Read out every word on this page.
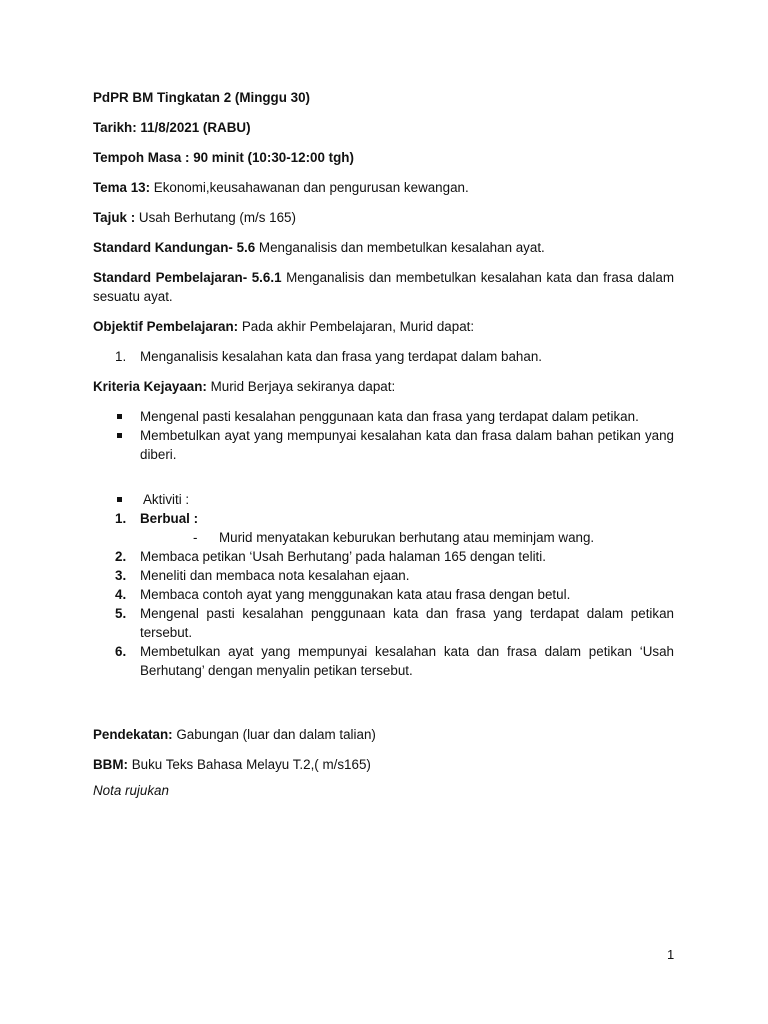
PdPR BM Tingkatan 2 (Minggu 30)

Tarikh: 11/8/2021 (RABU)

Tempoh Masa : 90 minit (10:30-12:00 tgh)

Tema 13: Ekonomi,keusahawanan dan pengurusan kewangan.

Tajuk : Usah Berhutang (m/s 165)

Standard Kandungan- 5.6 Menganalisis dan membetulkan kesalahan ayat.

Standard Pembelajaran- 5.6.1 Menganalisis dan membetulkan kesalahan kata dan frasa dalam sesuatu ayat.

Objektif Pembelajaran: Pada akhir Pembelajaran, Murid dapat:

1. Menganalisis kesalahan kata dan frasa yang terdapat dalam bahan.

Kriteria Kejayaan: Murid Berjaya sekiranya dapat:

Mengenal pasti kesalahan penggunaan kata dan frasa yang terdapat dalam petikan.
Membetulkan ayat yang mempunyai kesalahan kata dan frasa dalam bahan petikan yang diberi.
Aktiviti :
1. Berbual :
- Murid menyatakan keburukan berhutang atau meminjam wang.
2. Membaca petikan ‘Usah Berhutang’ pada halaman 165 dengan teliti.
3. Meneliti dan membaca nota kesalahan ejaan.
4. Membaca contoh ayat yang menggunakan kata atau frasa dengan betul.
5. Mengenal pasti kesalahan penggunaan kata dan frasa yang terdapat dalam petikan tersebut.
6. Membetulkan ayat yang mempunyai kesalahan kata dan frasa dalam petikan ‘Usah Berhutang’ dengan menyalin petikan tersebut.

Pendekatan: Gabungan (luar dan dalam talian)

BBM: Buku Teks Bahasa Melayu T.2,( m/s165)

Nota rujukan

1
